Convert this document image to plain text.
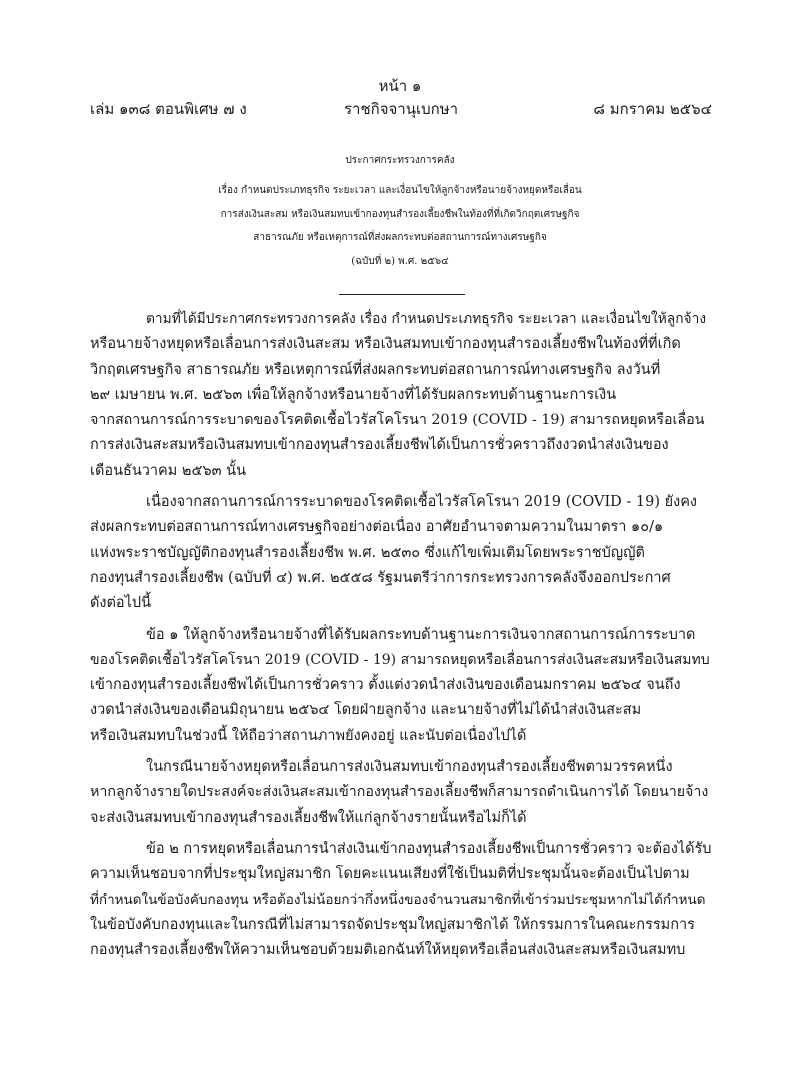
หน้า ๑
เล่ม ๑๓๘ ตอนพิเศษ ๗ ง	ราชกิจจานุเบกษา	๘ มกราคม ๒๕๖๔
ประกาศกระทรวงการคลัง
เรื่อง กำหนดประเภทธุรกิจ ระยะเวลา และเงื่อนไขให้ลูกจ้างหรือนายจ้างหยุดหรือเลื่อน
การส่งเงินสะสม หรือเงินสมทบเข้ากองทุนสำรองเลี้ยงชีพในท้องที่ที่เกิดวิกฤตเศรษฐกิจ
สาธารณภัย หรือเหตุการณ์ที่ส่งผลกระทบต่อสถานการณ์ทางเศรษฐกิจ
(ฉบับที่ ๒) พ.ศ. ๒๕๖๔
ตามที่ได้มีประกาศกระทรวงการคลัง เรื่อง กำหนดประเภทธุรกิจ ระยะเวลา และเงื่อนไขให้ลูกจ้าง
หรือนายจ้างหยุดหรือเลื่อนการส่งเงินสะสม หรือเงินสมทบเข้ากองทุนสำรองเลี้ยงชีพในท้องที่ที่เกิด
วิกฤตเศรษฐกิจ สาธารณภัย หรือเหตุการณ์ที่ส่งผลกระทบต่อสถานการณ์ทางเศรษฐกิจ ลงวันที่
๒๙ เมษายน พ.ศ. ๒๕๖๓ เพื่อให้ลูกจ้างหรือนายจ้างที่ได้รับผลกระทบด้านฐานะการเงิน
จากสถานการณ์การระบาดของโรคติดเชื้อไวรัสโคโรนา 2019 (COVID - 19) สามารถหยุดหรือเลื่อน
การส่งเงินสะสมหรือเงินสมทบเข้ากองทุนสำรองเลี้ยงชีพได้เป็นการชั่วคราวถึงงวดนำส่งเงินของ
เดือนธันวาคม ๒๕๖๓ นั้น
เนื่องจากสถานการณ์การระบาดของโรคติดเชื้อไวรัสโคโรนา 2019 (COVID - 19) ยังคง
ส่งผลกระทบต่อสถานการณ์ทางเศรษฐกิจอย่างต่อเนื่อง อาศัยอำนาจตามความในมาตรา ๑๐/๑
แห่งพระราชบัญญัติกองทุนสำรองเลี้ยงชีพ พ.ศ. ๒๕๓๐ ซึ่งแก้ไขเพิ่มเติมโดยพระราชบัญญัติ
กองทุนสำรองเลี้ยงชีพ (ฉบับที่ ๔) พ.ศ. ๒๕๕๘ รัฐมนตรีว่าการกระทรวงการคลังจึงออกประกาศ
ดังต่อไปนี้
ข้อ ๑ ให้ลูกจ้างหรือนายจ้างที่ได้รับผลกระทบด้านฐานะการเงินจากสถานการณ์การระบาด
ของโรคติดเชื้อไวรัสโคโรนา 2019 (COVID - 19) สามารถหยุดหรือเลื่อนการส่งเงินสะสมหรือเงินสมทบ
เข้ากองทุนสำรองเลี้ยงชีพได้เป็นการชั่วคราว ตั้งแต่งวดนำส่งเงินของเดือนมกราคม ๒๕๖๔ จนถึง
งวดนำส่งเงินของเดือนมิถุนายน ๒๕๖๔ โดยฝ่ายลูกจ้าง และนายจ้างที่ไม่ได้นำส่งเงินสะสม
หรือเงินสมทบในช่วงนี้ ให้ถือว่าสถานภาพยังคงอยู่ และนับต่อเนื่องไปได้
ในกรณีนายจ้างหยุดหรือเลื่อนการส่งเงินสมทบเข้ากองทุนสำรองเลี้ยงชีพตามวรรคหนึ่ง
หากลูกจ้างรายใดประสงค์จะส่งเงินสะสมเข้ากองทุนสำรองเลี้ยงชีพก็สามารถดำเนินการได้ โดยนายจ้าง
จะส่งเงินสมทบเข้ากองทุนสำรองเลี้ยงชีพให้แก่ลูกจ้างรายนั้นหรือไม่ก็ได้
ข้อ ๒ การหยุดหรือเลื่อนการนำส่งเงินเข้ากองทุนสำรองเลี้ยงชีพเป็นการชั่วคราว จะต้องได้รับ
ความเห็นชอบจากที่ประชุมใหญ่สมาชิก โดยคะแนนเสียงที่ใช้เป็นมติที่ประชุมนั้นจะต้องเป็นไปตาม
ที่กำหนดในข้อบังคับกองทุน หรือต้องไม่น้อยกว่ากึ่งหนึ่งของจำนวนสมาชิกที่เข้าร่วมประชุมหากไม่ได้กำหนด
ในข้อบังคับกองทุนและในกรณีที่ไม่สามารถจัดประชุมใหญ่สมาชิกได้ ให้กรรมการในคณะกรรมการ
กองทุนสำรองเลี้ยงชีพให้ความเห็นชอบด้วยมติเอกฉันท์ให้หยุดหรือเลื่อนส่งเงินสะสมหรือเงินสมทบ
